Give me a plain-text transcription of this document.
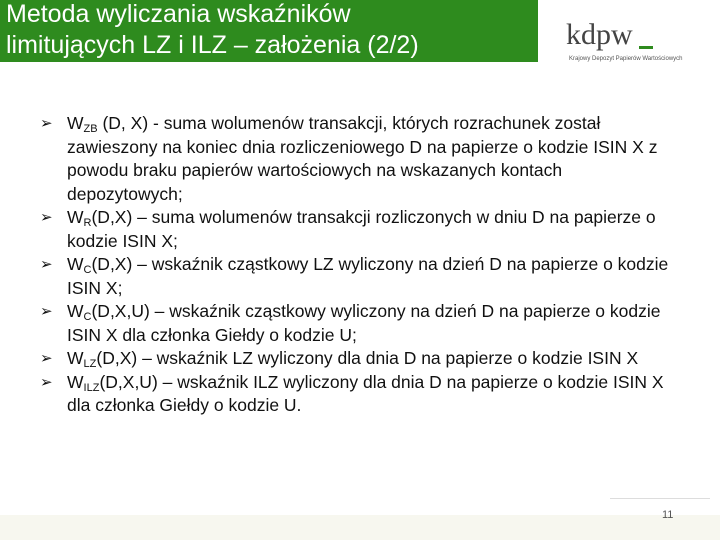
Metoda wyliczania wskaźników
limitujących LZ i ILZ – założenia (2/2)	kdpw
Krajowy Depozyt Papierów Wartościowych
➢ $W_{ZB}$ (D, X) - suma wolumenów transakcji, których rozrachunek został zawieszony na koniec dnia rozliczeniowego D na papierze o kodzie ISIN X z powodu braku papierów wartościowych na wskazanych kontach depozytowych;
➢ $W_R(D,X)$ – suma wolumenów transakcji rozliczonych w dniu D na papierze o kodzie ISIN X;
➢ $W_C(D,X)$ – wskaźnik cząstkowy LZ wyliczony na dzień D na papierze o kodzie ISIN X;
➢ $W_C(D,X,U)$ – wskaźnik cząstkowy wyliczony na dzień D na papierze o kodzie ISIN X dla członka Giełdy o kodzie U;
➢ $W_{LZ}(D,X)$ – wskaźnik LZ wyliczony dla dnia D na papierze o kodzie ISIN X
➢ $W_{ILZ}(D,X,U)$ – wskaźnik ILZ wyliczony dla dnia D na papierze o kodzie ISIN X dla członka Giełdy o kodzie U.
11
